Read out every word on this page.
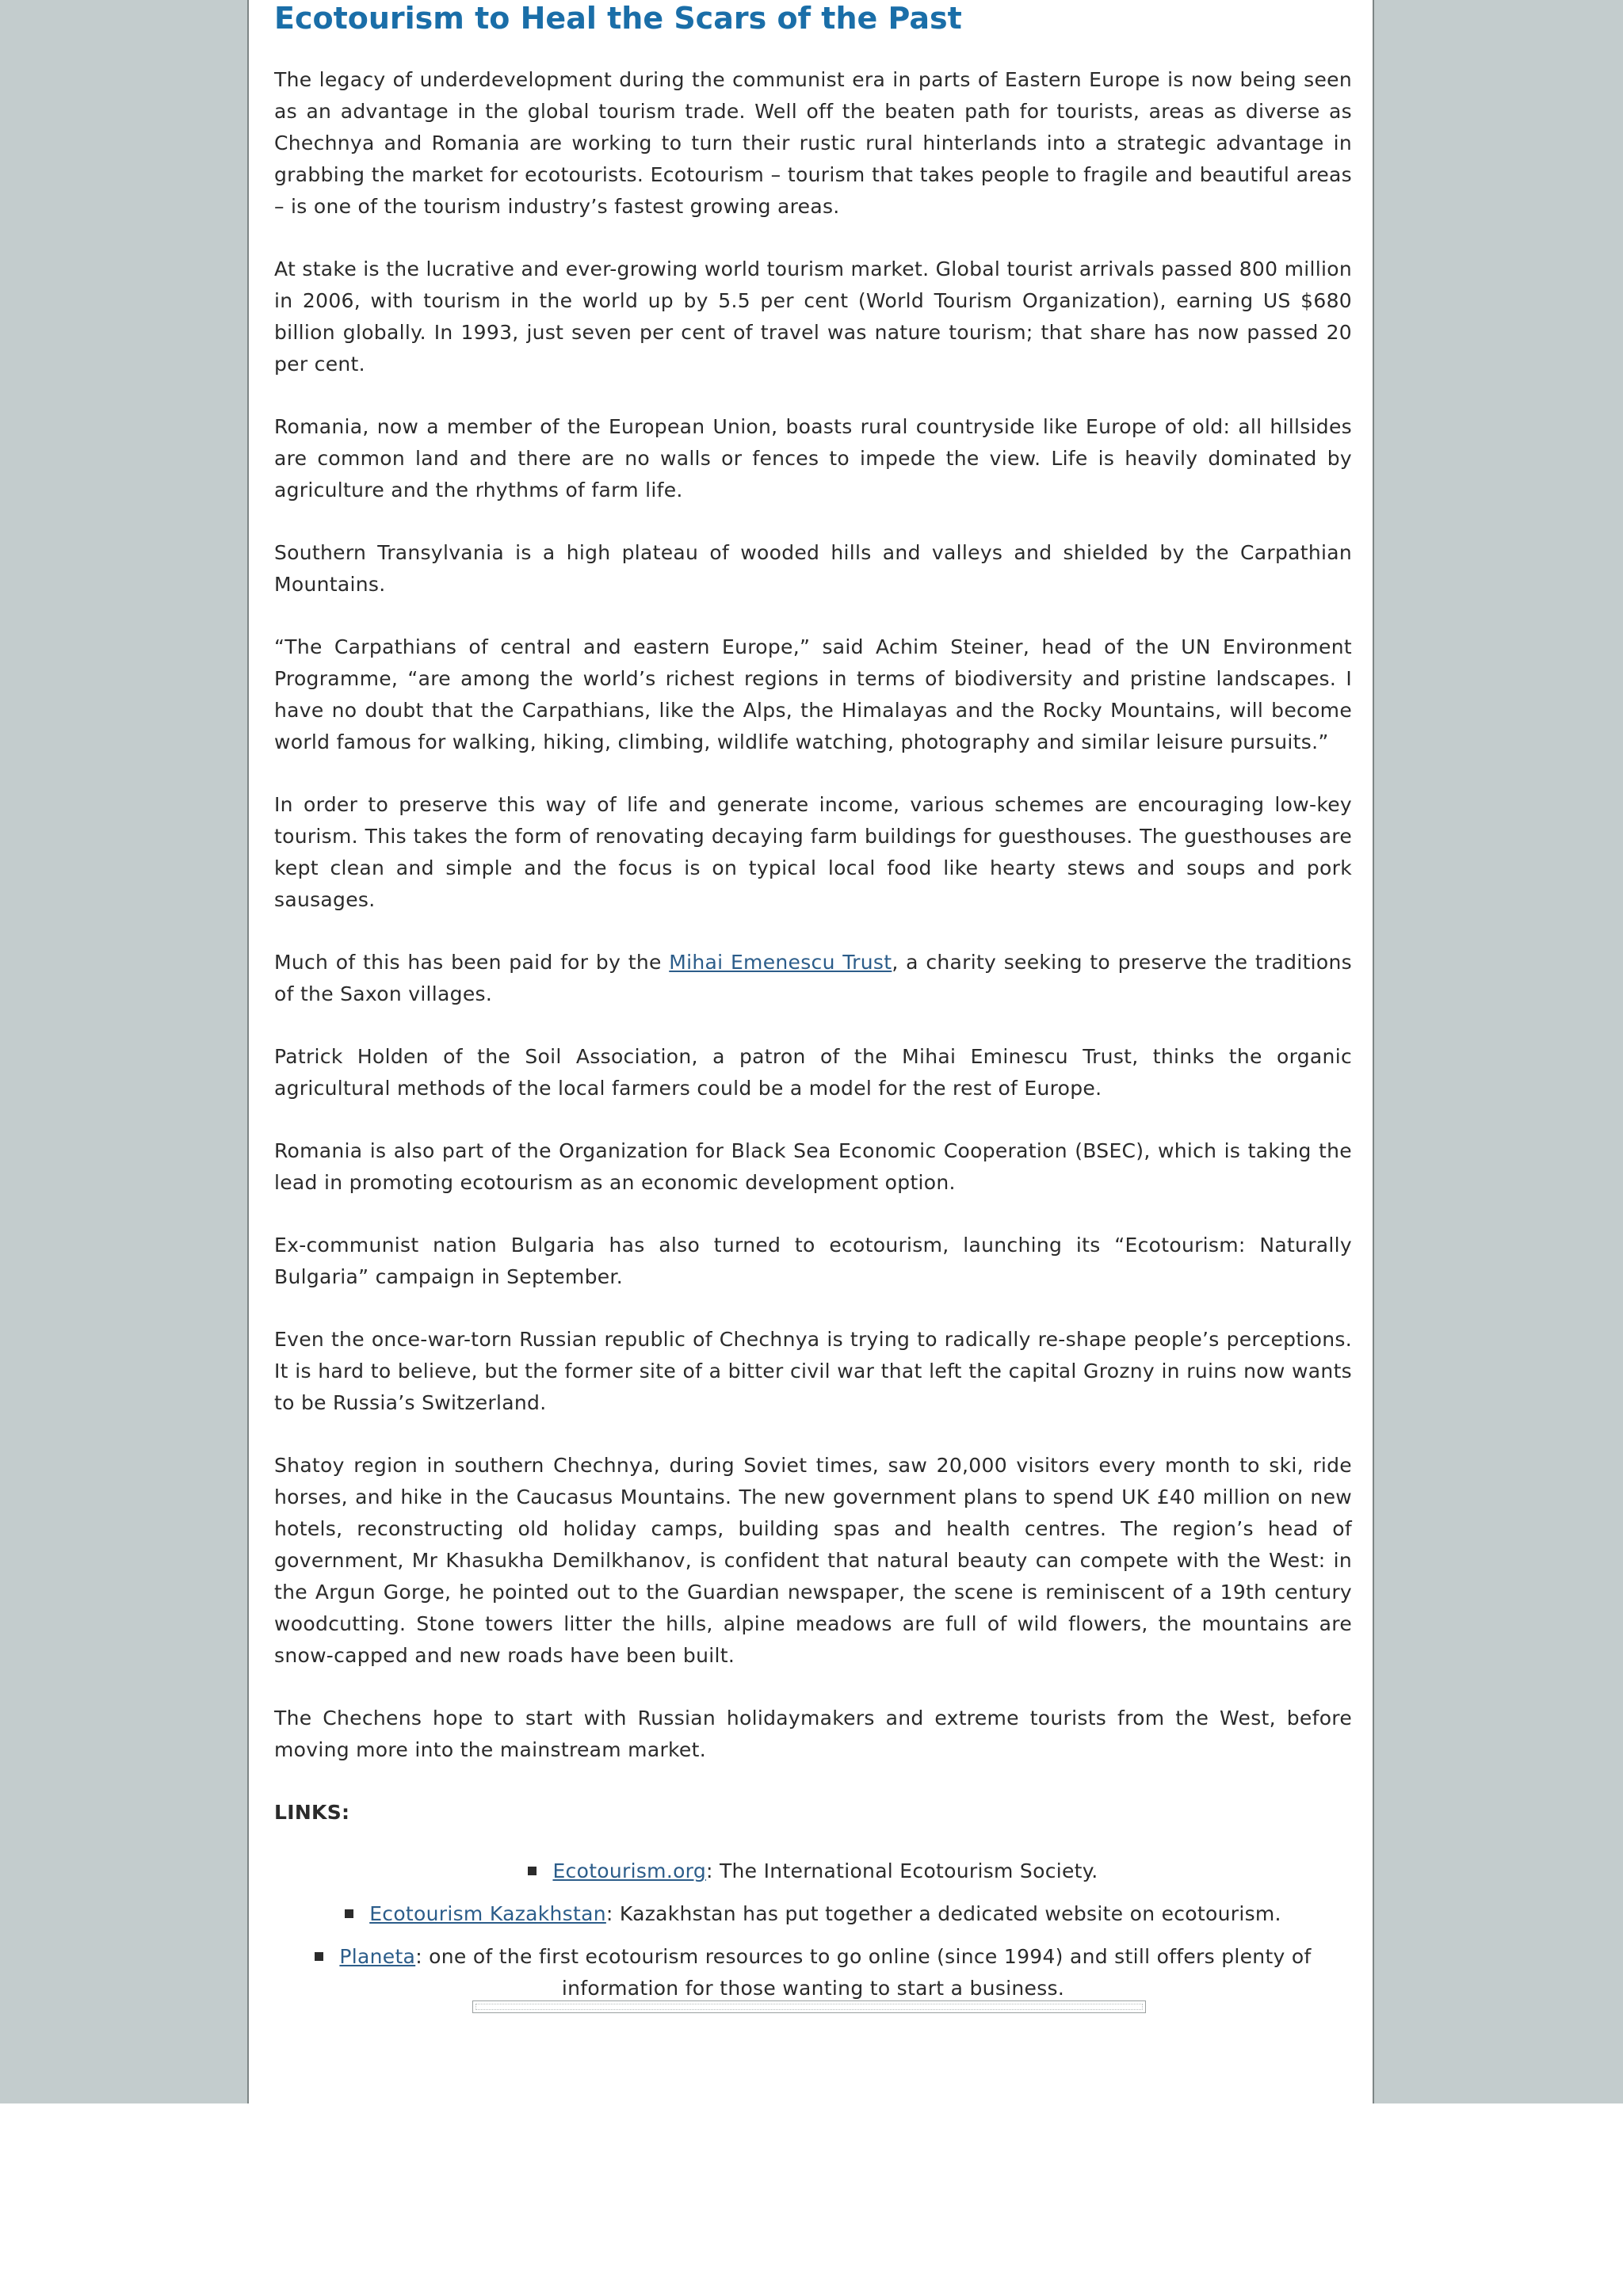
Ecotourism to Heal the Scars of the Past

The legacy of underdevelopment during the communist era in parts of Eastern Europe is now being seen as an advantage in the global tourism trade. Well off the beaten path for tourists, areas as diverse as Chechnya and Romania are working to turn their rustic rural hinterlands into a strategic advantage in grabbing the market for ecotourists. Ecotourism – tourism that takes people to fragile and beautiful areas – is one of the tourism industry’s fastest growing areas.

At stake is the lucrative and ever-growing world tourism market. Global tourist arrivals passed 800 million in 2006, with tourism in the world up by 5.5 per cent (World Tourism Organization), earning US $680 billion globally. In 1993, just seven per cent of travel was nature tourism; that share has now passed 20 per cent.

Romania, now a member of the European Union, boasts rural countryside like Europe of old: all hillsides are common land and there are no walls or fences to impede the view. Life is heavily dominated by agriculture and the rhythms of farm life.

Southern Transylvania is a high plateau of wooded hills and valleys and shielded by the Carpathian Mountains.

“The Carpathians of central and eastern Europe,” said Achim Steiner, head of the UN Environment Programme, “are among the world’s richest regions in terms of biodiversity and pristine landscapes. I have no doubt that the Carpathians, like the Alps, the Himalayas and the Rocky Mountains, will become world famous for walking, hiking, climbing, wildlife watching, photography and similar leisure pursuits.”

In order to preserve this way of life and generate income, various schemes are encouraging low-key tourism. This takes the form of renovating decaying farm buildings for guesthouses. The guesthouses are kept clean and simple and the focus is on typical local food like hearty stews and soups and pork sausages.

Much of this has been paid for by the Mihai Emenescu Trust, a charity seeking to preserve the traditions of the Saxon villages.

Patrick Holden of the Soil Association, a patron of the Mihai Eminescu Trust, thinks the organic agricultural methods of the local farmers could be a model for the rest of Europe.

Romania is also part of the Organization for Black Sea Economic Cooperation (BSEC), which is taking the lead in promoting ecotourism as an economic development option.

Ex-communist nation Bulgaria has also turned to ecotourism, launching its “Ecotourism: Naturally Bulgaria” campaign in September.

Even the once-war-torn Russian republic of Chechnya is trying to radically re-shape people’s perceptions. It is hard to believe, but the former site of a bitter civil war that left the capital Grozny in ruins now wants to be Russia’s Switzerland.

Shatoy region in southern Chechnya, during Soviet times, saw 20,000 visitors every month to ski, ride horses, and hike in the Caucasus Mountains. The new government plans to spend UK £40 million on new hotels, reconstructing old holiday camps, building spas and health centres. The region’s head of government, Mr Khasukha Demilkhanov, is confident that natural beauty can compete with the West: in the Argun Gorge, he pointed out to the Guardian newspaper, the scene is reminiscent of a 19th century woodcutting. Stone towers litter the hills, alpine meadows are full of wild flowers, the mountains are snow-capped and new roads have been built.

The Chechens hope to start with Russian holidaymakers and extreme tourists from the West, before moving more into the mainstream market.

LINKS:
Ecotourism.org: The International Ecotourism Society.
Ecotourism Kazakhstan: Kazakhstan has put together a dedicated website on ecotourism.
Planeta: one of the first ecotourism resources to go online (since 1994) and still offers plenty of information for those wanting to start a business.
